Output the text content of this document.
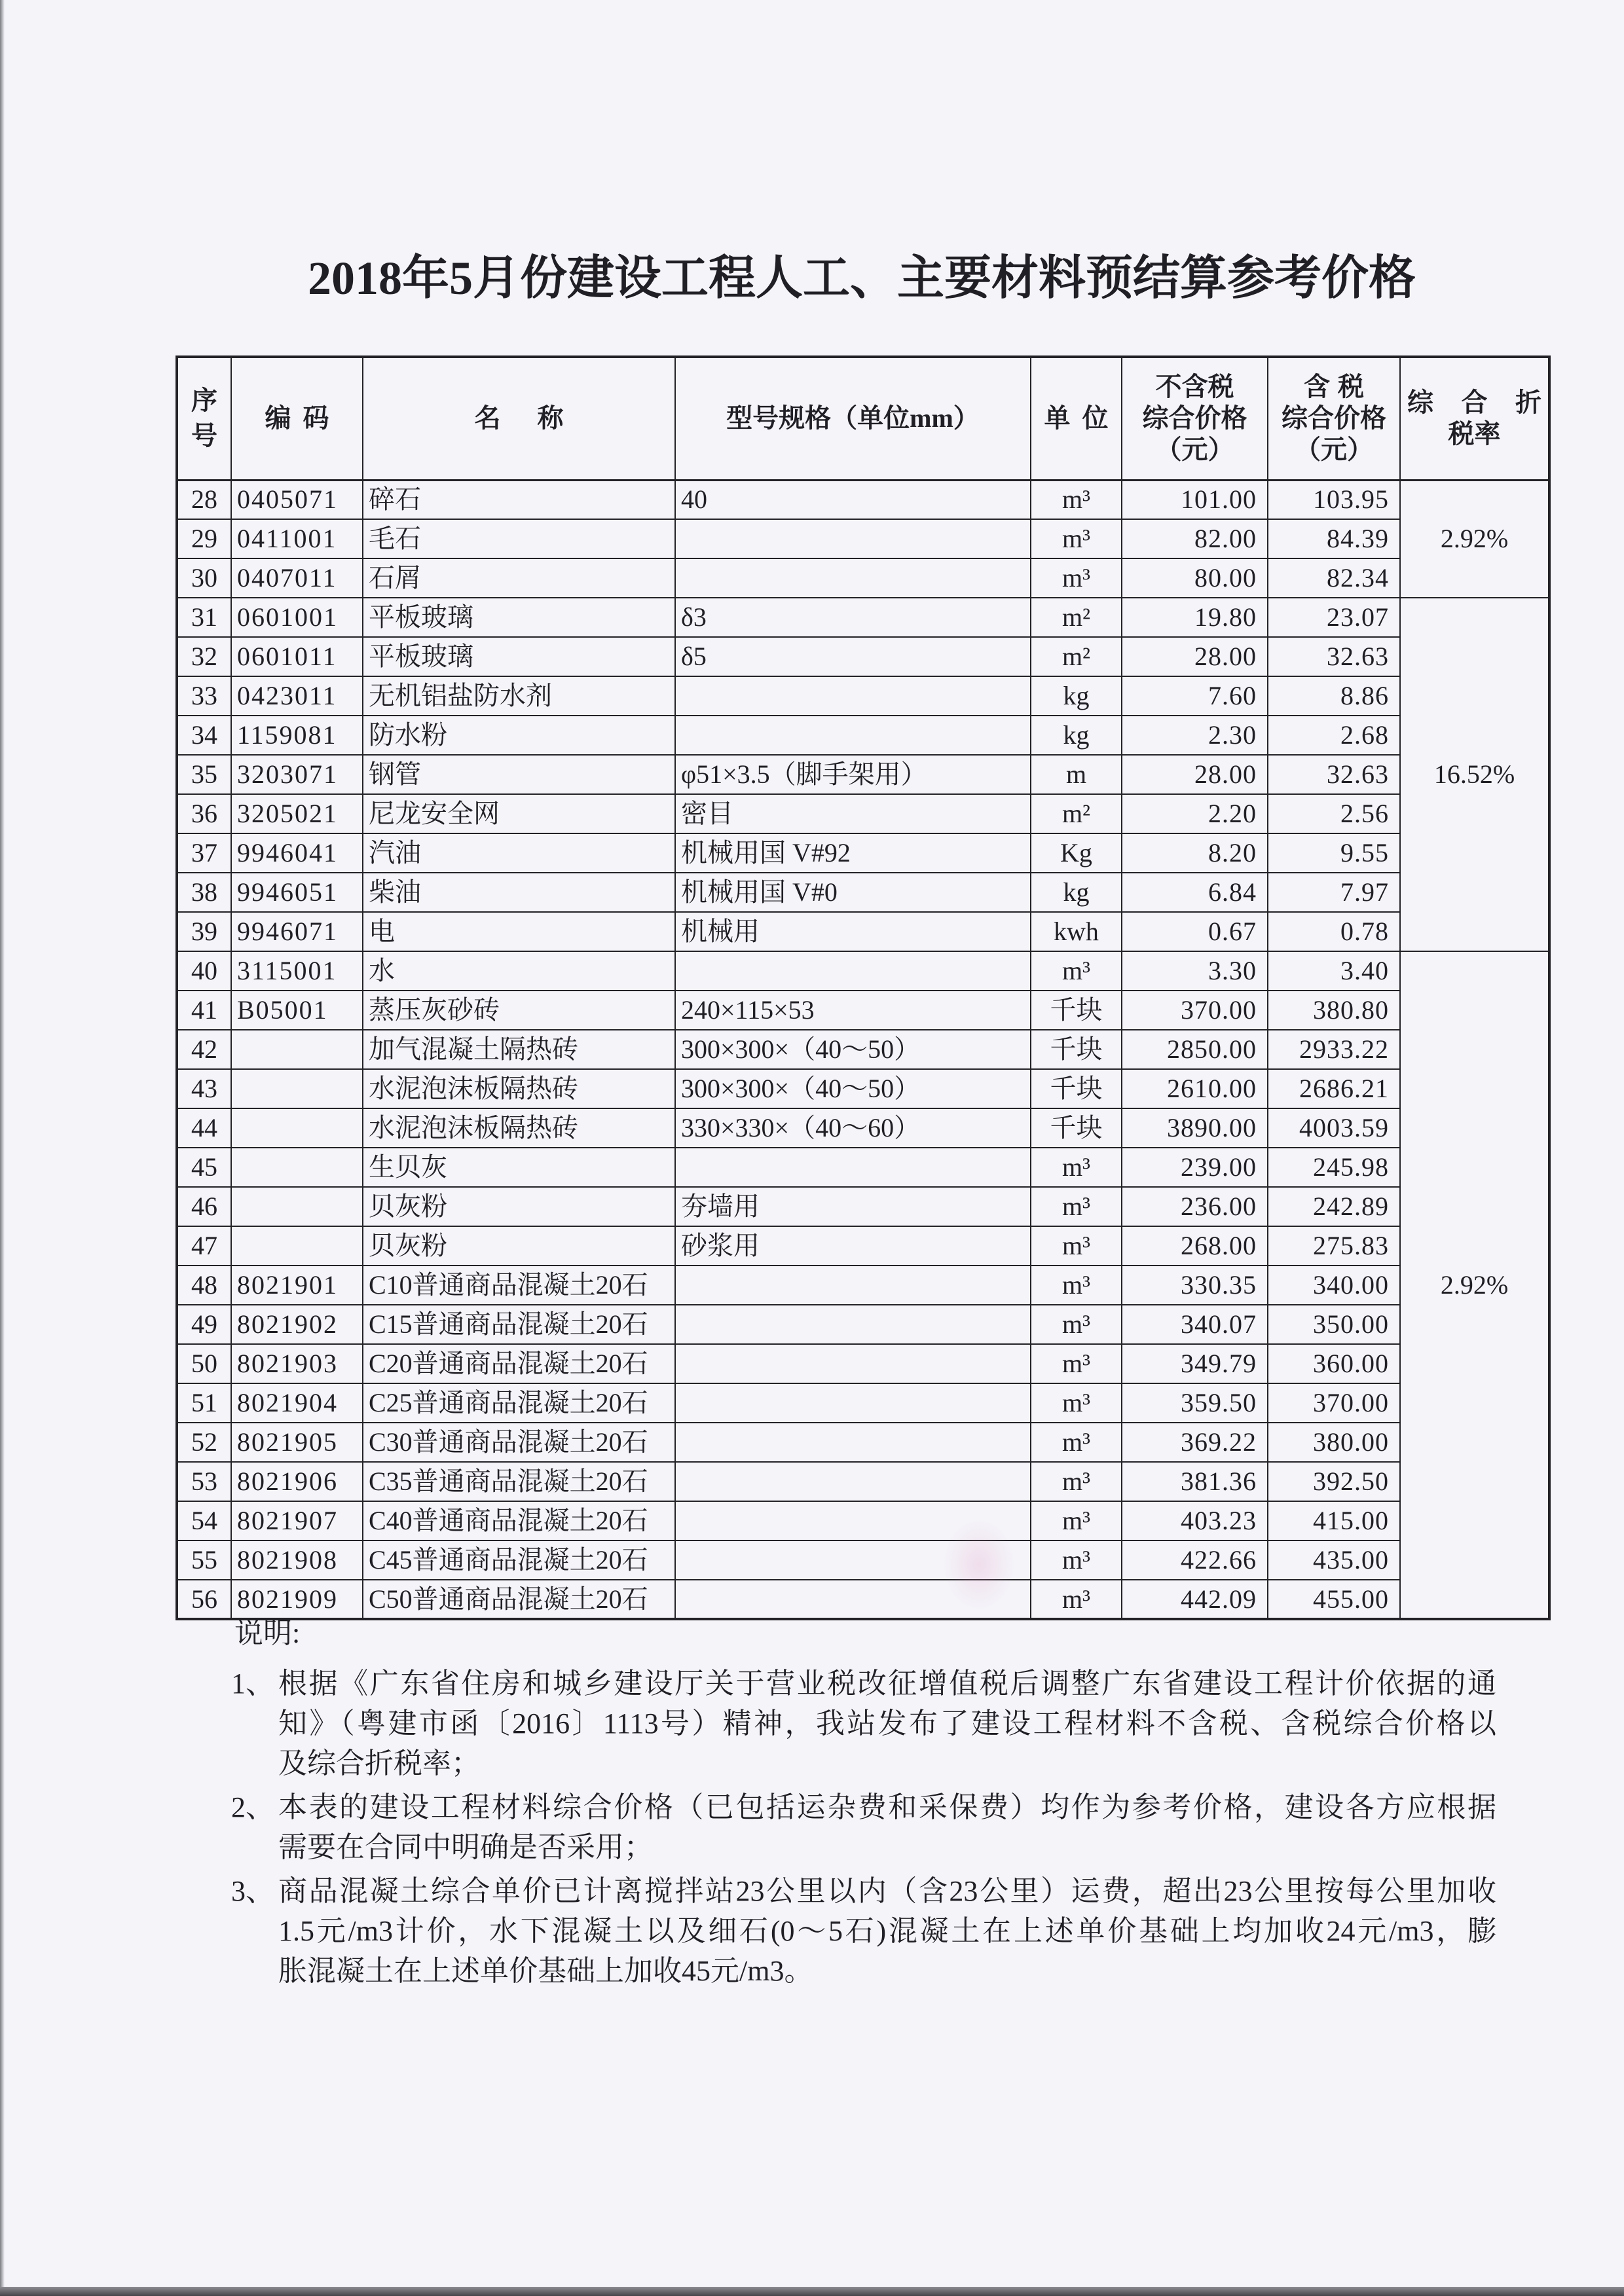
2018年5月份建设工程人工、主要材料预结算参考价格
序号	编码	名称	型号规格（单位mm）	单位	不含税
综合价格
（元）	含税
综合价格
（元）	综合折
税率

28	0405071	碎石	40	m³	101.00	103.95	2.92%
29	0411001	毛石		m³	82.00	84.39	
30	0407011	石屑		m³	80.00	82.34	
31	0601001	平板玻璃	δ3	m²	19.80	23.07	16.52%
32	0601011	平板玻璃	δ5	m²	28.00	32.63	
33	0423011	无机铝盐防水剂		kg	7.60	8.86	
34	1159081	防水粉		kg	2.30	2.68	
35	3203071	钢管	φ51×3.5（脚手架用）	m	28.00	32.63	
36	3205021	尼龙安全网	密目	m²	2.20	2.56	
37	9946041	汽油	机械用国 V#92	Kg	8.20	9.55	
38	9946051	柴油	机械用国 V#0	kg	6.84	7.97	
39	9946071	电	机械用	kwh	0.67	0.78	
40	3115001	水		m³	3.30	3.40	2.92%
41	B05001	蒸压灰砂砖	240×115×53	千块	370.00	380.80	
42		加气混凝土隔热砖	300×300×（40～50）	千块	2850.00	2933.22	
43		水泥泡沫板隔热砖	300×300×（40～50）	千块	2610.00	2686.21	
44		水泥泡沫板隔热砖	330×330×（40～60）	千块	3890.00	4003.59	
45		生贝灰		m³	239.00	245.98	
46		贝灰粉	夯墙用	m³	236.00	242.89	
47		贝灰粉	砂浆用	m³	268.00	275.83	
48	8021901	C10普通商品混凝土20石		m³	330.35	340.00	
49	8021902	C15普通商品混凝土20石		m³	340.07	350.00	
50	8021903	C20普通商品混凝土20石		m³	349.79	360.00	
51	8021904	C25普通商品混凝土20石		m³	359.50	370.00	
52	8021905	C30普通商品混凝土20石		m³	369.22	380.00	
53	8021906	C35普通商品混凝土20石		m³	381.36	392.50	
54	8021907	C40普通商品混凝土20石		m³	403.23	415.00	
55	8021908	C45普通商品混凝土20石		m³	422.66	435.00	
56	8021909	C50普通商品混凝土20石		m³	442.09	455.00	
说明:
1、 根据《广东省住房和城乡建设厅关于营业税改征增值税后调整广东省建设工程计价依据的通
知》（粤建市函〔2016〕1113号）精神，我站发布了建设工程材料不含税、含税综合价格以
及综合折税率；
2、 本表的建设工程材料综合价格（已包括运杂费和采保费）均作为参考价格，建设各方应根据
需要在合同中明确是否采用；
3、 商品混凝土综合单价已计离搅拌站23公里以内（含23公里）运费，超出23公里按每公里加收
1.5元/m3计价，水下混凝土以及细石(0～5石)混凝土在上述单价基础上均加收24元/m3，膨
胀混凝土在上述单价基础上加收45元/m3。
